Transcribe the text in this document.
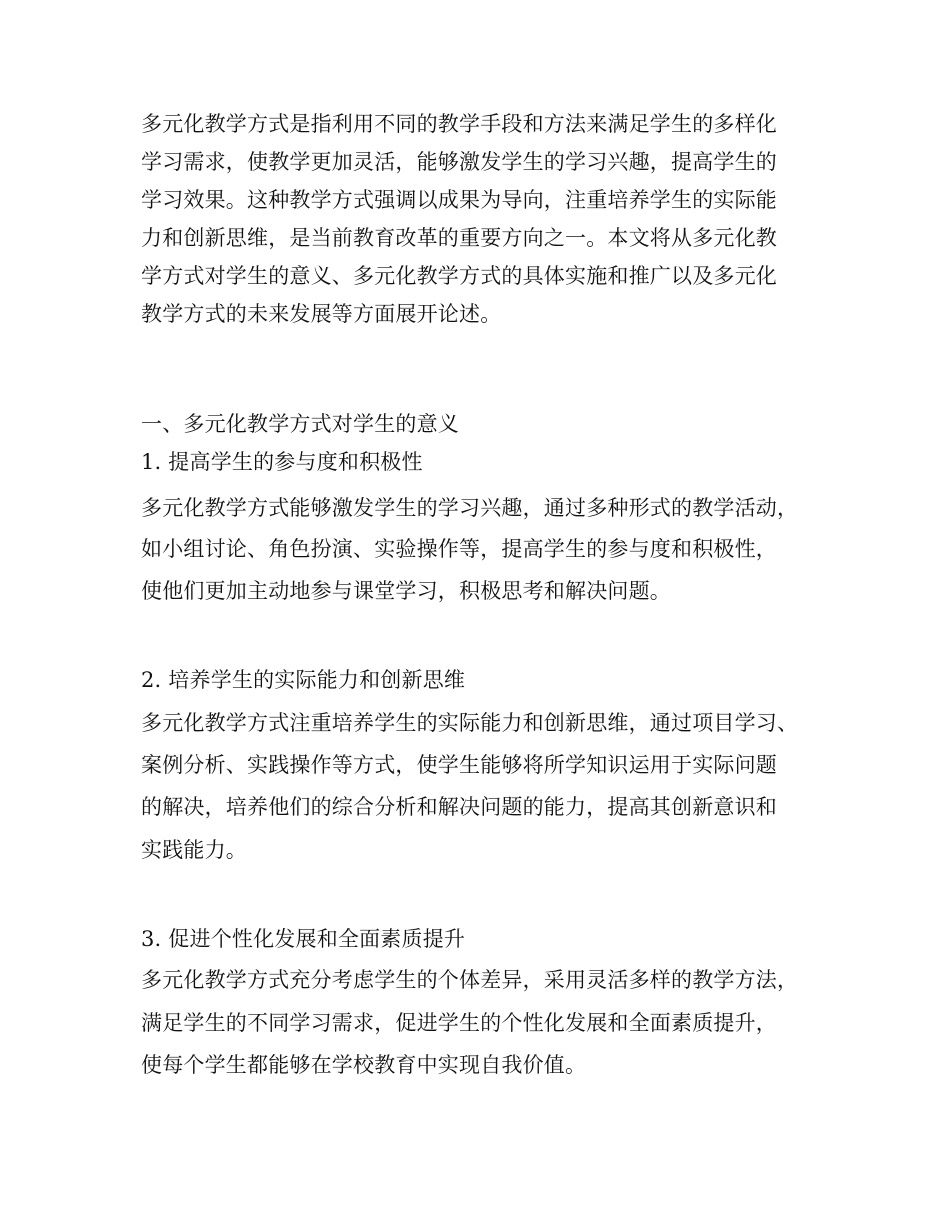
多元化教学方式是指利用不同的教学手段和方法来满足学生的多样化
学习需求，使教学更加灵活，能够激发学生的学习兴趣，提高学生的
学习效果。这种教学方式强调以成果为导向，注重培养学生的实际能
力和创新思维，是当前教育改革的重要方向之一。本文将从多元化教
学方式对学生的意义、多元化教学方式的具体实施和推广以及多元化
教学方式的未来发展等方面展开论述。
一、多元化教学方式对学生的意义
1. 提高学生的参与度和积极性
多元化教学方式能够激发学生的学习兴趣，通过多种形式的教学活动，
如小组讨论、角色扮演、实验操作等，提高学生的参与度和积极性，
使他们更加主动地参与课堂学习，积极思考和解决问题。
2. 培养学生的实际能力和创新思维
多元化教学方式注重培养学生的实际能力和创新思维，通过项目学习、
案例分析、实践操作等方式，使学生能够将所学知识运用于实际问题
的解决，培养他们的综合分析和解决问题的能力，提高其创新意识和
实践能力。
3. 促进个性化发展和全面素质提升
多元化教学方式充分考虑学生的个体差异，采用灵活多样的教学方法，
满足学生的不同学习需求，促进学生的个性化发展和全面素质提升，
使每个学生都能够在学校教育中实现自我价值。
